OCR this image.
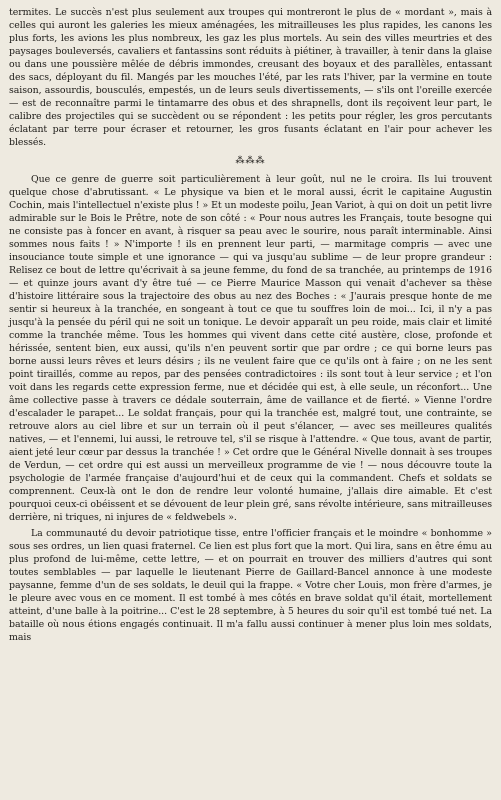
termites. Le succès n'est plus seulement aux troupes qui montreront le plus de « mordant », mais à celles qui auront les galeries les mieux aménagées, les mitrailleuses les plus rapides, les canons les plus forts, les avions les plus nombreux, les gaz les plus mortels. Au sein des villes meurtries et des paysages bouleversés, cavaliers et fantassins sont réduits à piétiner, à travailler, à tenir dans la glaise ou dans une poussière mêlée de débris immondes, creusant des boyaux et des parallèles, entassant des sacs, déployant du fil. Mangés par les mouches l'été, par les rats l'hiver, par la vermine en toute saison, assourdis, bousculés, empestés, un de leurs seuls divertissements, — s'ils ont l'oreille exercée — est de reconnaître parmi le tintamarre des obus et des shrapnells, dont ils reçoivent leur part, le calibre des projectiles qui se succèdent ou se répondent : les petits pour régler, les gros percutants éclatant par terre pour écraser et retourner, les gros fusants éclatant en l'air pour achever les blessés.

⁂⁂⁂

Que ce genre de guerre soit particulièrement à leur goût, nul ne le croira. Ils lui trouvent quelque chose d'abrutissant. « Le physique va bien et le moral aussi, écrit le capitaine Augustin Cochin, mais l'intellectuel n'existe plus ! » Et un modeste poilu, Jean Variot, à qui on doit un petit livre admirable sur le Bois le Prêtre, note de son côté : « Pour nous autres les Français, toute besogne qui ne consiste pas à foncer en avant, à risquer sa peau avec le sourire, nous paraît interminable. Ainsi sommes nous faits ! » N'importe ! ils en prennent leur parti, — marmitage compris — avec une insouciance toute simple et une ignorance — qui va jusqu'au sublime — de leur propre grandeur : Relisez ce bout de lettre qu'écrivait à sa jeune femme, du fond de sa tranchée, au printemps de 1916 — et quinze jours avant d'y être tué — ce Pierre Maurice Masson qui venait d'achever sa thèse d'histoire littéraire sous la trajectoire des obus au nez des Boches : « J'aurais presque honte de me sentir si heureux à la tranchée, en songeant à tout ce que tu souffres loin de moi... Ici, il n'y a pas jusqu'à la pensée du péril qui ne soit un tonique. Le devoir apparaît un peu roide, mais clair et limité comme la tranchée même. Tous les hommes qui vivent dans cette cité austère, close, profonde et hérissée, sentent bien, eux aussi, qu'ils n'en peuvent sortir que par ordre ; ce qui borne leurs pas borne aussi leurs rêves et leurs désirs ; ils ne veulent faire que ce qu'ils ont à faire ; on ne les sent point tiraillés, comme au repos, par des pensées contradictoires : ils sont tout à leur service ; et l'on voit dans les regards cette expression ferme, nue et décidée qui est, à elle seule, un réconfort... Une âme collective passe à travers ce dédale souterrain, âme de vaillance et de fierté. » Vienne l'ordre d'escalader le parapet... Le soldat français, pour qui la tranchée est, malgré tout, une contrainte, se retrouve alors au ciel libre et sur un terrain où il peut s'élancer, — avec ses meilleures qualités natives, — et l'ennemi, lui aussi, le retrouve tel, s'il se risque à l'attendre. « Que tous, avant de partir, aient jeté leur cœur par dessus la tranchée ! » Cet ordre que le Général Nivelle donnait à ses troupes de Verdun, — cet ordre qui est aussi un merveilleux programme de vie ! — nous découvre toute la psychologie de l'armée française d'aujourd'hui et de ceux qui la commandent. Chefs et soldats se comprennent. Ceux-là ont le don de rendre leur volonté humaine, j'allais dire aimable. Et c'est pourquoi ceux-ci obéissent et se dévouent de leur plein gré, sans révolte intérieure, sans mitrailleuses derrière, ni triques, ni injures de « feldwebels ».

La communauté du devoir patriotique tisse, entre l'officier français et le moindre « bonhomme » sous ses ordres, un lien quasi fraternel. Ce lien est plus fort que la mort. Qui lira, sans en être ému au plus profond de lui-même, cette lettre, — et on pourrait en trouver des milliers d'autres qui sont toutes semblables — par laquelle le lieutenant Pierre de Gaillard-Bancel annonce à une modeste paysanne, femme d'un de ses soldats, le deuil qui la frappe. « Votre cher Louis, mon frère d'armes, je le pleure avec vous en ce moment. Il est tombé à mes côtés en brave soldat qu'il était, mortellement atteint, d'une balle à la poitrine... C'est le 28 septembre, à 5 heures du soir qu'il est tombé tué net. La bataille où nous étions engagés continuait. Il m'a fallu aussi continuer à mener plus loin mes soldats, mais
